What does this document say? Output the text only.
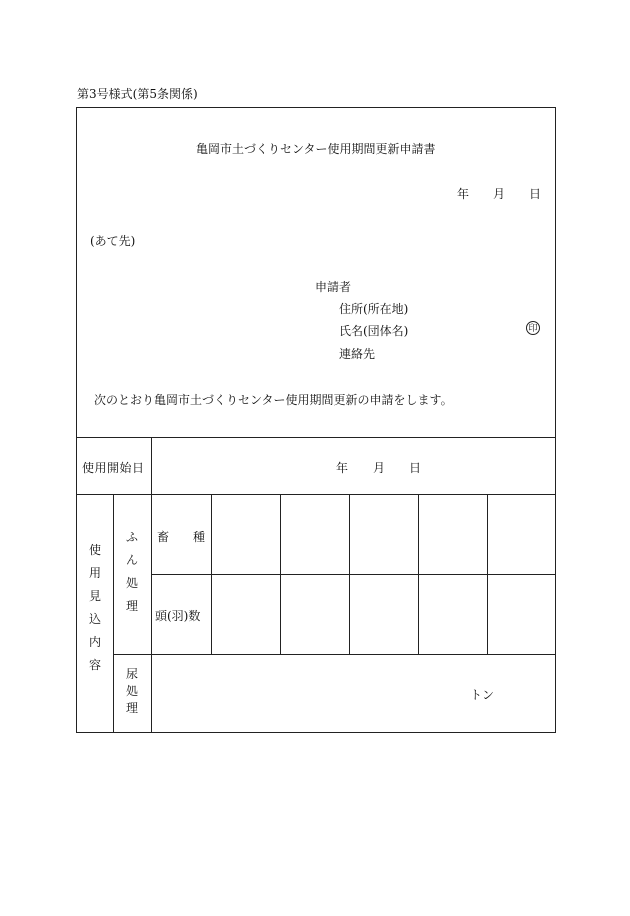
第3号様式(第5条関係)
亀岡市土づくりセンター使用期間更新申請書
年 月 日
(あて先)
申請者
住所(所在地)
氏名(団体名)	印
連絡先
次のとおり亀岡市土づくりセンター使用期間更新の申請をします。
使用開始日	年 月 日
使
用
見
込
内
容
ふ
ん
処
理
尿
処
理
畜　　種
頭(羽)数
トン
